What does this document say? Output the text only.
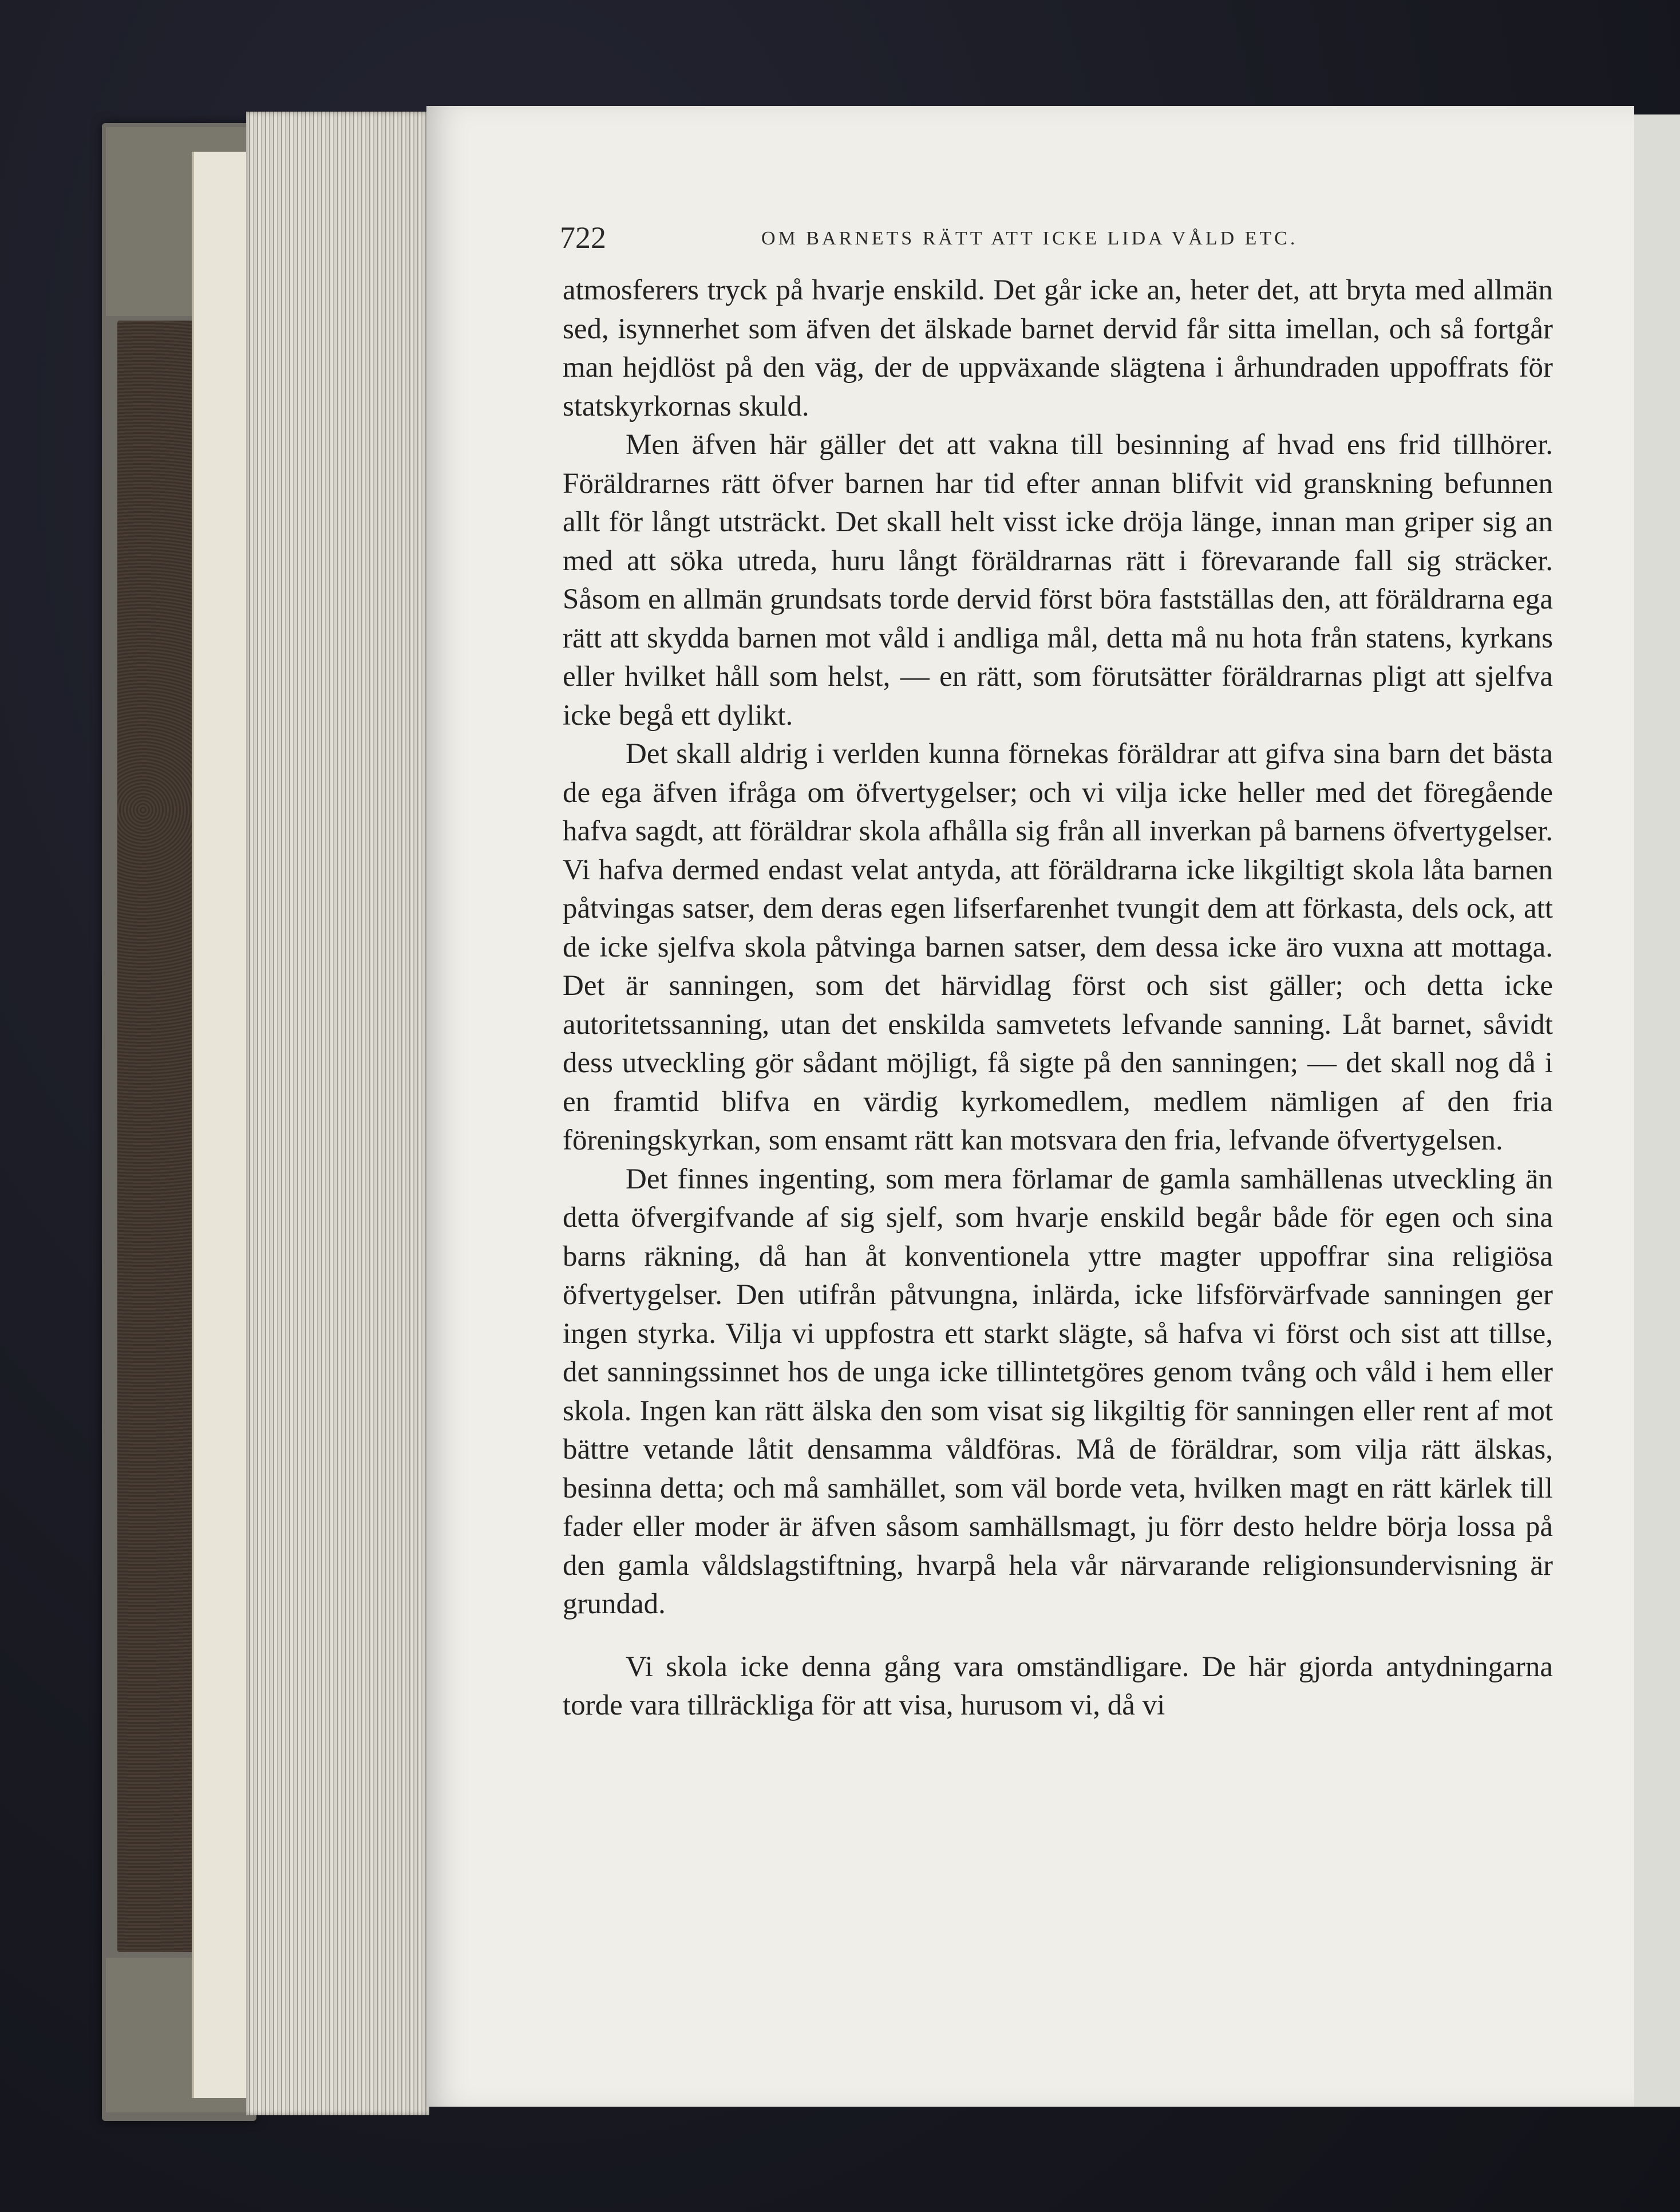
722	OM BARNETS RÄTT ATT ICKE LIDA VÅLD ETC.

atmosferers tryck på hvarje enskild. Det går icke an, heter det, att bryta med allmän sed, isynnerhet som äfven det älskade barnet dervid får sitta imellan, och så fortgår man hejdlöst på den väg, der de uppväxande slägtena i århundraden uppoffrats för statskyrkornas skuld.

Men äfven här gäller det att vakna till besinning af hvad ens frid tillhörer. Föräldrarnes rätt öfver barnen har tid efter annan blifvit vid granskning befunnen allt för långt utsträckt. Det skall helt visst icke dröja länge, innan man griper sig an med att söka utreda, huru långt föräldrarnas rätt i förevarande fall sig sträcker. Såsom en allmän grundsats torde dervid först böra fastställas den, att föräldrarna ega rätt att skydda barnen mot våld i andliga mål, detta må nu hota från statens, kyrkans eller hvilket håll som helst, — en rätt, som förutsätter föräldrarnas pligt att sjelfva icke begå ett dylikt.

Det skall aldrig i verlden kunna förnekas föräldrar att gifva sina barn det bästa de ega äfven ifråga om öfvertygelser; och vi vilja icke heller med det föregående hafva sagdt, att föräldrar skola afhålla sig från all inverkan på barnens öfvertygelser. Vi hafva dermed endast velat antyda, att föräldrarna icke likgiltigt skola låta barnen påtvingas satser, dem deras egen lifserfarenhet tvungit dem att förkasta, dels ock, att de icke sjelfva skola påtvinga barnen satser, dem dessa icke äro vuxna att mottaga. Det är sanningen, som det härvidlag först och sist gäller; och detta icke autoritetssanning, utan det enskilda samvetets lefvande sanning. Låt barnet, såvidt dess utveckling gör sådant möjligt, få sigte på den sanningen; — det skall nog då i en framtid blifva en värdig kyrkomedlem, medlem nämligen af den fria föreningskyrkan, som ensamt rätt kan motsvara den fria, lefvande öfvertygelsen.

Det finnes ingenting, som mera förlamar de gamla samhällenas utveckling än detta öfvergifvande af sig sjelf, som hvarje enskild begår både för egen och sina barns räkning, då han åt konventionela yttre magter uppoffrar sina religiösa öfvertygelser. Den utifrån påtvungna, inlärda, icke lifsförvärfvade sanningen ger ingen styrka. Vilja vi uppfostra ett starkt slägte, så hafva vi först och sist att tillse, det sanningssinnet hos de unga icke tillintetgöres genom tvång och våld i hem eller skola. Ingen kan rätt älska den som visat sig likgiltig för sanningen eller rent af mot bättre vetande låtit densamma våldföras. Må de föräldrar, som vilja rätt älskas, besinna detta; och må samhället, som väl borde veta, hvilken magt en rätt kärlek till fader eller moder är äfven såsom samhällsmagt, ju förr desto heldre börja lossa på den gamla våldslagstiftning, hvarpå hela vår närvarande religionsundervisning är grundad.

Vi skola icke denna gång vara omständligare. De här gjorda antydningarna torde vara tillräckliga för att visa, hurusom vi, då vi
